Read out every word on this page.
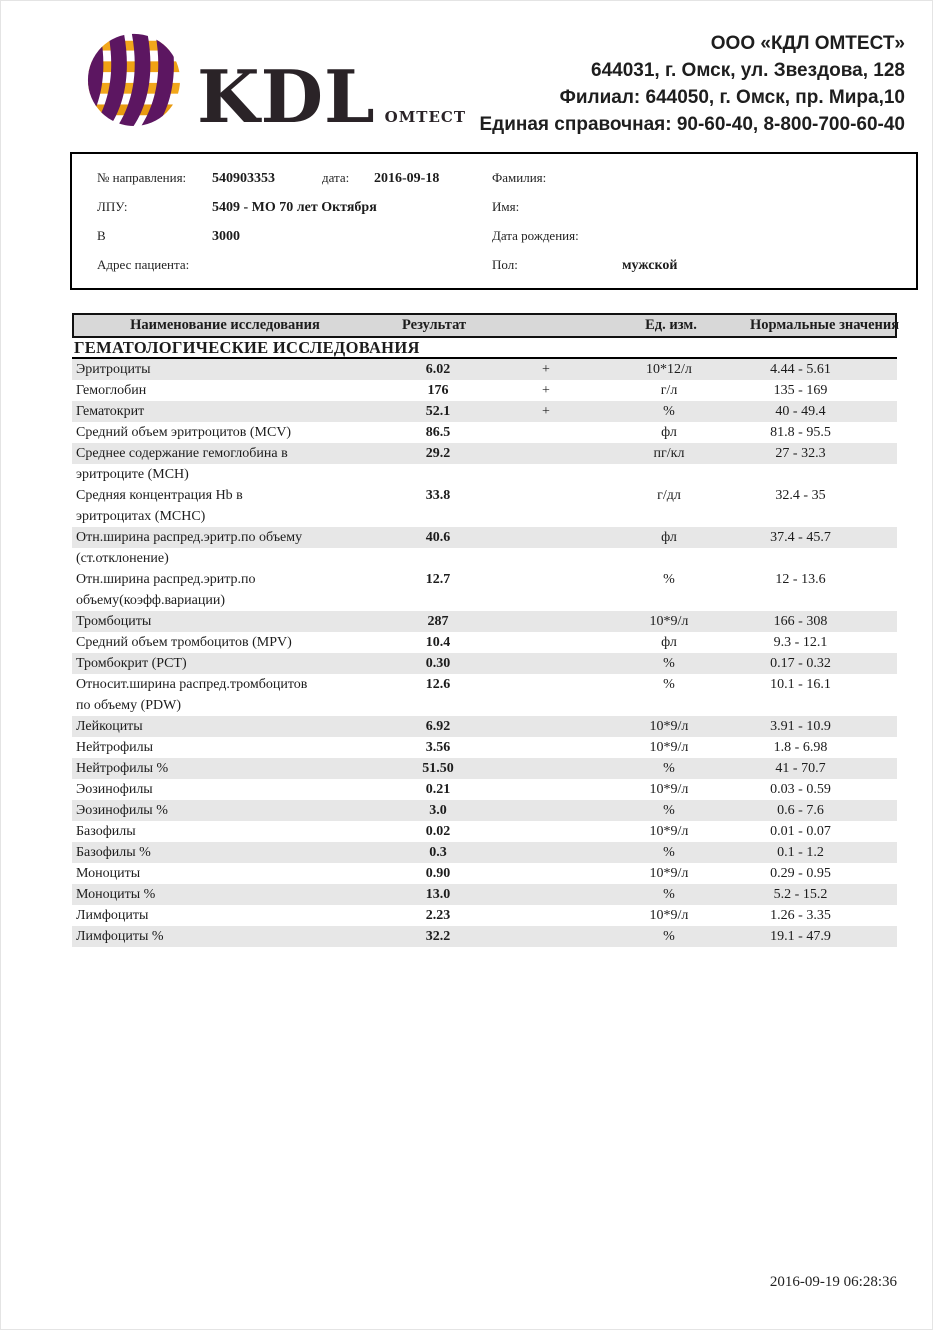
KDL ОМТЕСТ
ООО «КДЛ ОМТЕСТ»
644031, г. Омск, ул. Звездова, 128
Филиал: 644050, г. Омск, пр. Мира,10
Единая справочная: 90-60-40, 8-800-700-60-40
№ направления:	540903353	дата:	2016-09-18
ЛПУ:	5409 - МО 70 лет Октября
В	3000
Адрес пациента:
Фамилия:
Имя:
Дата рождения:
Пол:	мужской
Наименование исследования	Результат	Ед. изм.	Нормальные значения
ГЕМАТОЛОГИЧЕСКИЕ ИССЛЕДОВАНИЯ
Эритроциты	6.02	+	10*12/л	4.44 - 5.61
Гемоглобин	176	+	г/л	135 - 169
Гематокрит	52.1	+	%	40 - 49.4
Средний объем эритроцитов (MCV)	86.5	фл	81.8 - 95.5
Среднее содержание гемоглобина в	29.2	пг/кл	27 - 32.3
эритроците (MCH)
Средняя концентрация Hb в	33.8	г/дл	32.4 - 35
эритроцитах (MCHC)
Отн.ширина распред.эритр.по объему	40.6	фл	37.4 - 45.7
(ст.отклонение)
Отн.ширина распред.эритр.по	12.7	%	12 - 13.6
объему(коэфф.вариации)
Тромбоциты	287	10*9/л	166 - 308
Средний объем тромбоцитов (MPV)	10.4	фл	9.3 - 12.1
Тромбокрит (PCT)	0.30	%	0.17 - 0.32
Относит.ширина распред.тромбоцитов	12.6	%	10.1 - 16.1
по объему (PDW)
Лейкоциты	6.92	10*9/л	3.91 - 10.9
Нейтрофилы	3.56	10*9/л	1.8 - 6.98
Нейтрофилы %	51.50	%	41 - 70.7
Эозинофилы	0.21	10*9/л	0.03 - 0.59
Эозинофилы %	3.0	%	0.6 - 7.6
Базофилы	0.02	10*9/л	0.01 - 0.07
Базофилы %	0.3	%	0.1 - 1.2
Моноциты	0.90	10*9/л	0.29 - 0.95
Моноциты %	13.0	%	5.2 - 15.2
Лимфоциты	2.23	10*9/л	1.26 - 3.35
Лимфоциты %	32.2	%	19.1 - 47.9
2016-09-19 06:28:36
